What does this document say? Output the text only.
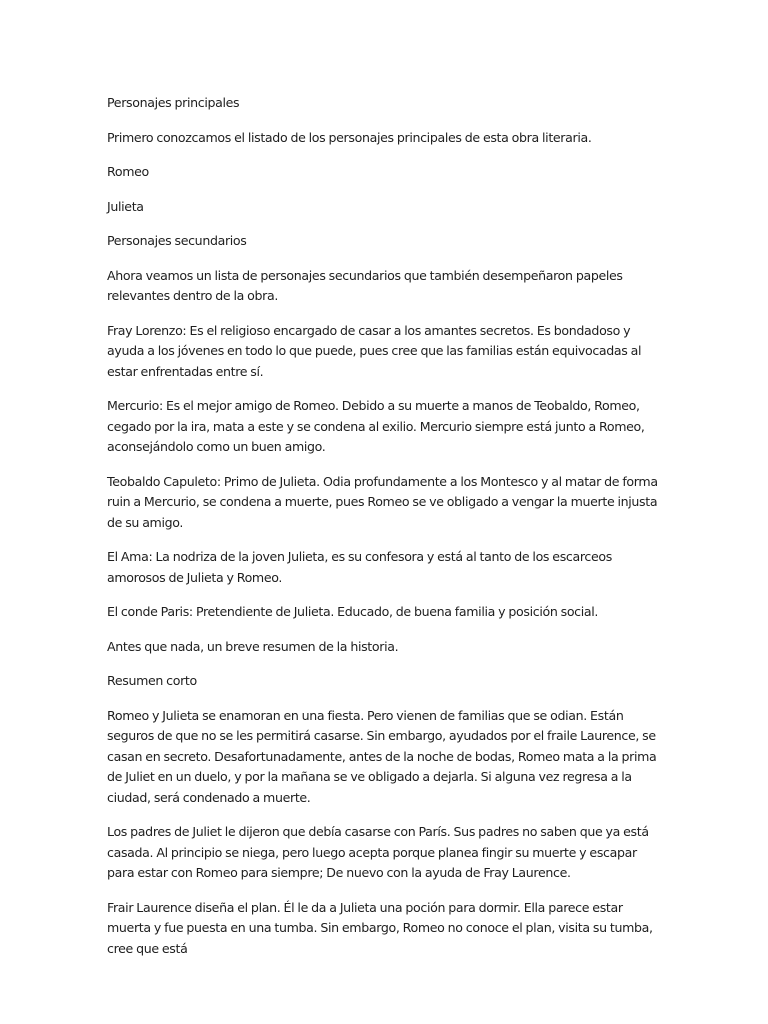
Personajes principales

Primero conozcamos el listado de los personajes principales de esta obra literaria.

Romeo

Julieta

Personajes secundarios

Ahora veamos un lista de personajes secundarios que también desempeñaron papeles relevantes dentro de la obra.

Fray Lorenzo: Es el religioso encargado de casar a los amantes secretos. Es bondadoso y ayuda a los jóvenes en todo lo que puede, pues cree que las familias están equivocadas al estar enfrentadas entre sí.

Mercurio: Es el mejor amigo de Romeo. Debido a su muerte a manos de Teobaldo, Romeo, cegado por la ira, mata a este y se condena al exilio. Mercurio siempre está junto a Romeo, aconsejándolo como un buen amigo.

Teobaldo Capuleto: Primo de Julieta. Odia profundamente a los Montesco y al matar de forma ruin a Mercurio, se condena a muerte, pues Romeo se ve obligado a vengar la muerte injusta de su amigo.

El Ama: La nodriza de la joven Julieta, es su confesora y está al tanto de los escarceos amorosos de Julieta y Romeo.

El conde Paris: Pretendiente de Julieta. Educado, de buena familia y posición social.

Antes que nada, un breve resumen de la historia.

Resumen corto

Romeo y Julieta se enamoran en una fiesta. Pero vienen de familias que se odian. Están seguros de que no se les permitirá casarse. Sin embargo, ayudados por el fraile Laurence, se casan en secreto. Desafortunadamente, antes de la noche de bodas, Romeo mata a la prima de Juliet en un duelo, y por la mañana se ve obligado a dejarla. Si alguna vez regresa a la ciudad, será condenado a muerte.

Los padres de Juliet le dijeron que debía casarse con París. Sus padres no saben que ya está casada. Al principio se niega, pero luego acepta porque planea fingir su muerte y escapar para estar con Romeo para siempre; De nuevo con la ayuda de Fray Laurence.

Frair Laurence diseña el plan. Él le da a Julieta una poción para dormir. Ella parece estar muerta y fue puesta en una tumba. Sin embargo, Romeo no conoce el plan, visita su tumba, cree que está
